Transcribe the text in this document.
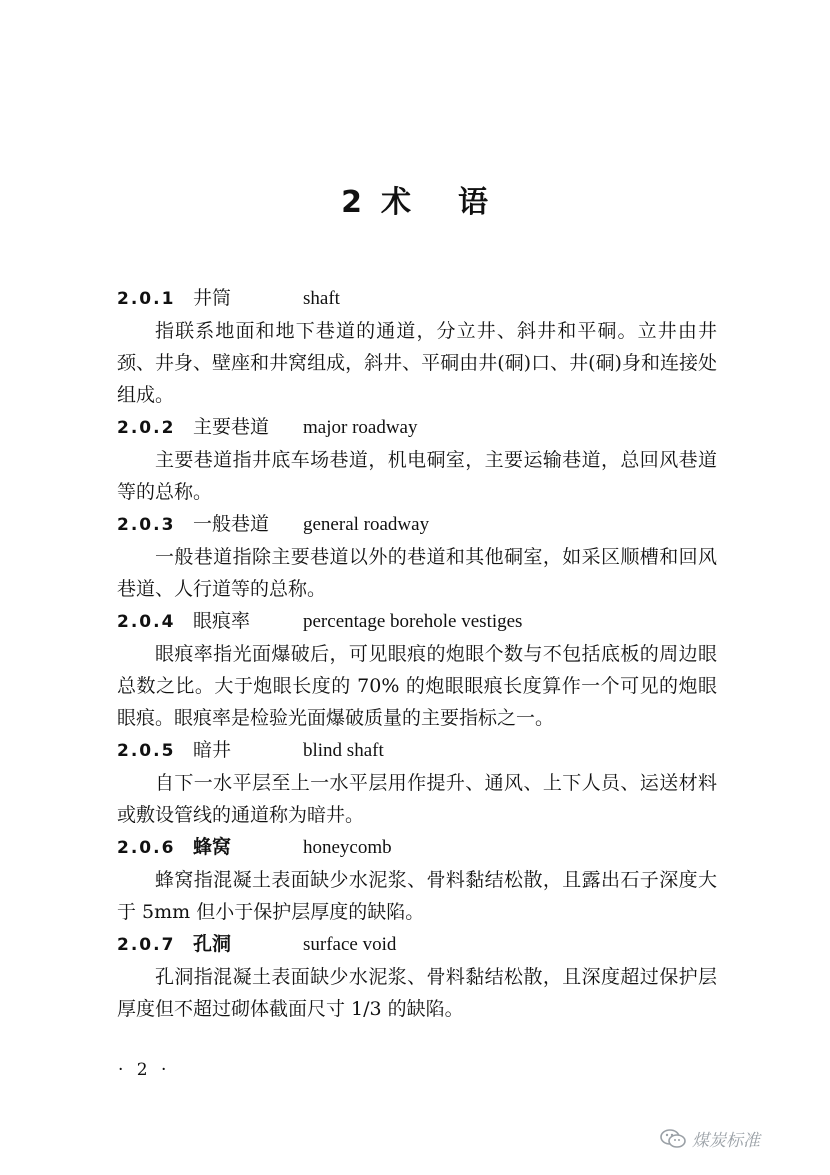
2 术 语
2.0.1 井筒	shaft

指联系地面和地下巷道的通道，分立井、斜井和平硐。立井由井颈、井身、壁座和井窝组成，斜井、平硐由井(硐)口、井(硐)身和连接处组成。

2.0.2 主要巷道 major roadway

主要巷道指井底车场巷道，机电硐室，主要运输巷道，总回风巷道等的总称。

2.0.3 一般巷道 general roadway

一般巷道指除主要巷道以外的巷道和其他硐室，如采区顺槽和回风巷道、人行道等的总称。

2.0.4 眼痕率	percentage borehole vestiges

眼痕率指光面爆破后，可见眼痕的炮眼个数与不包括底板的周边眼总数之比。大于炮眼长度的 70% 的炮眼眼痕长度算作一个可见的炮眼眼痕。眼痕率是检验光面爆破质量的主要指标之一。

2.0.5 暗井	blind shaft

自下一水平层至上一水平层用作提升、通风、上下人员、运送材料或敷设管线的通道称为暗井。

2.0.6 蜂窝	honeycomb

蜂窝指混凝土表面缺少水泥浆、骨料黏结松散，且露出石子深度大于 5mm 但小于保护层厚度的缺陷。

2.0.7 孔洞	surface void

孔洞指混凝土表面缺少水泥浆、骨料黏结松散，且深度超过保护层厚度但不超过砌体截面尺寸 1/3 的缺陷。

· 2 ·
煤炭标准
